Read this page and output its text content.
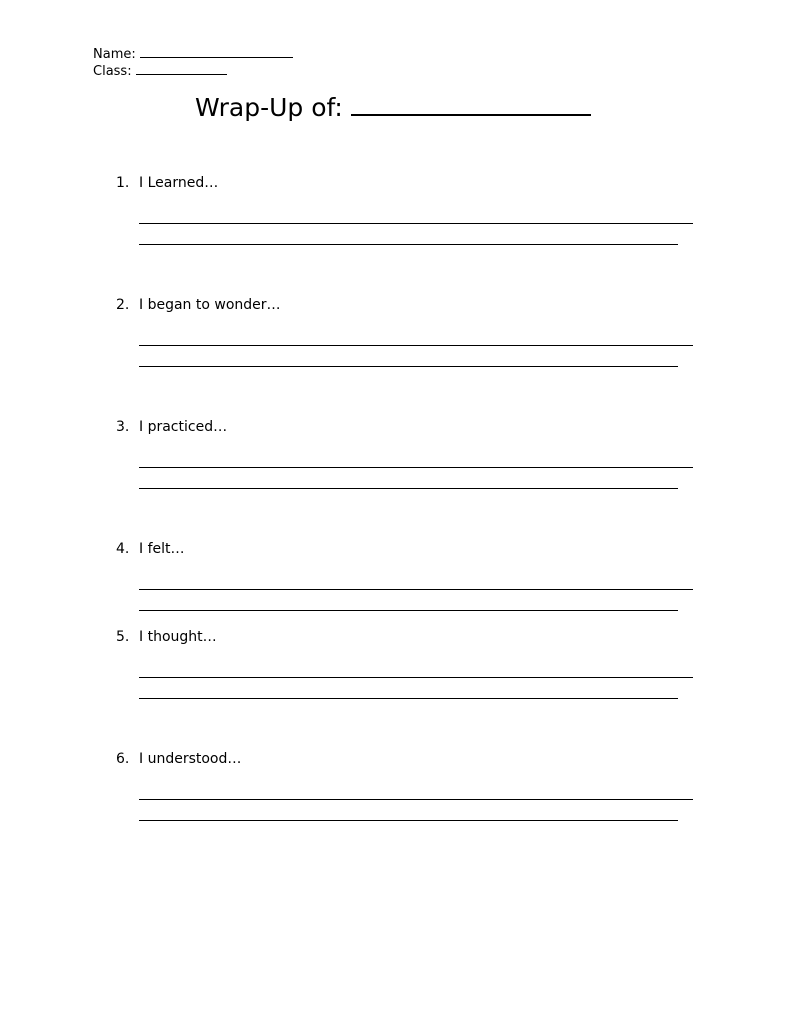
Name:
Class:
Wrap-Up of:
1. I Learned…
2. I began to wonder…
3. I practiced…
4. I felt…
5. I thought…
6. I understood…
